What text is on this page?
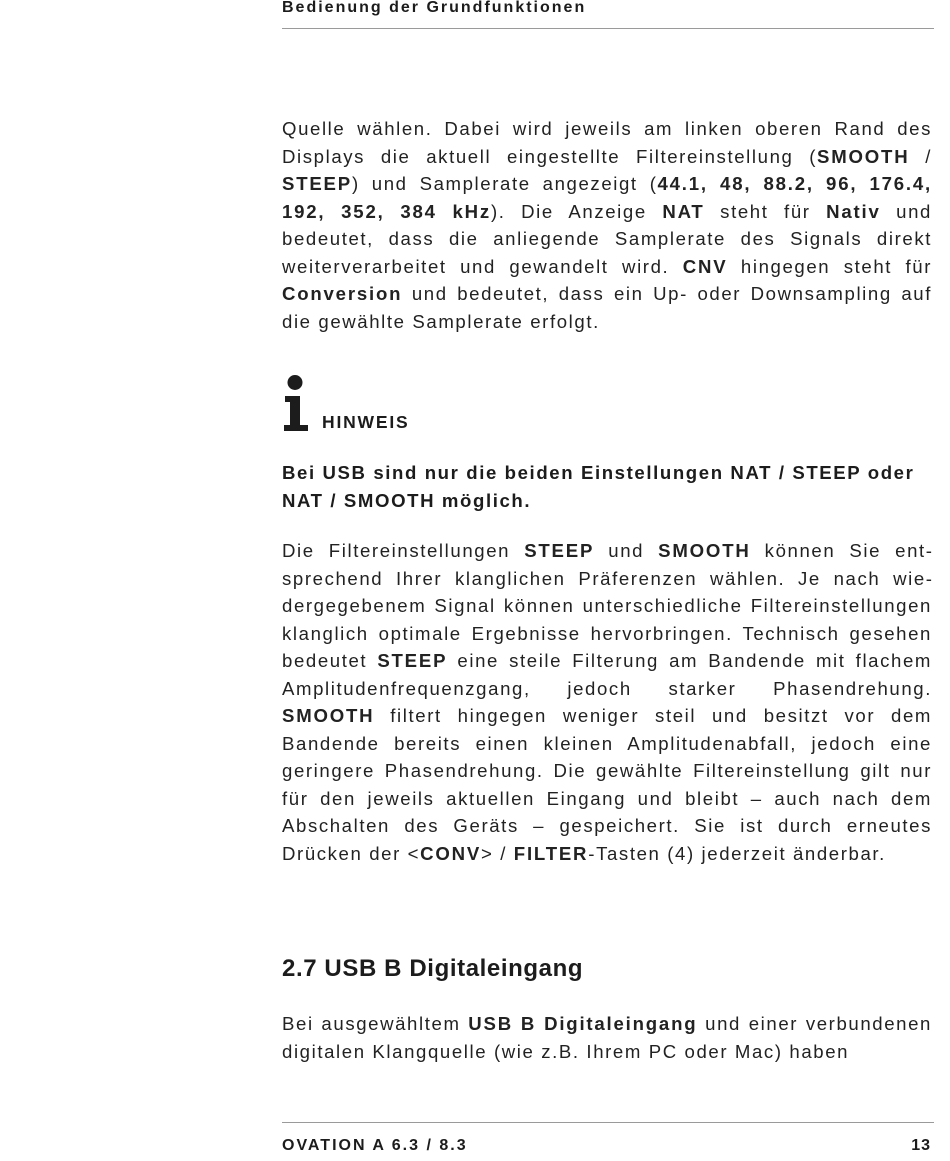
Bedienung der Grundfunktionen

Quelle wählen. Dabei wird jeweils am linken oberen Rand des Displays die aktuell eingestellte Filtereinstellung (SMOOTH / STEEP) und Samplerate angezeigt (44.1, 48, 88.2, 96, 176.4, 192, 352, 384 kHz). Die Anzeige NAT steht für Nativ und bedeutet, dass die anliegende Samplerate des Signals direkt weiterverarbeitet und gewandelt wird. CNV hingegen steht für Conversion und bedeutet, dass ein Up- oder Downsampling auf die gewählte Samplerate erfolgt.

HINWEIS

Bei USB sind nur die beiden Einstellungen NAT / STEEP oder NAT / SMOOTH möglich.

Die Filtereinstellungen STEEP und SMOOTH können Sie entsprechend Ihrer klanglichen Präferenzen wählen. Je nach wiedergegebenem Signal können unterschiedliche Filtereinstellungen klanglich optimale Ergebnisse hervorbringen. Technisch gesehen bedeutet STEEP eine steile Filterung am Bandende mit flachem Amplitudenfrequenzgang, jedoch starker Phasendrehung. SMOOTH filtert hingegen weniger steil und besitzt vor dem Bandende bereits einen kleinen Amplitudenabfall, jedoch eine geringere Phasendrehung. Die gewählte Filtereinstellung gilt nur für den jeweils aktuellen Eingang und bleibt – auch nach dem Abschalten des Geräts – gespeichert. Sie ist durch erneutes Drücken der <CONV> / FILTER-Tasten (4) jederzeit änderbar.

2.7 USB B Digitaleingang

Bei ausgewähltem USB B Digitaleingang und einer verbundenen digitalen Klangquelle (wie z.B. Ihrem PC oder Mac) haben

OVATION A 6.3 / 8.3	13
